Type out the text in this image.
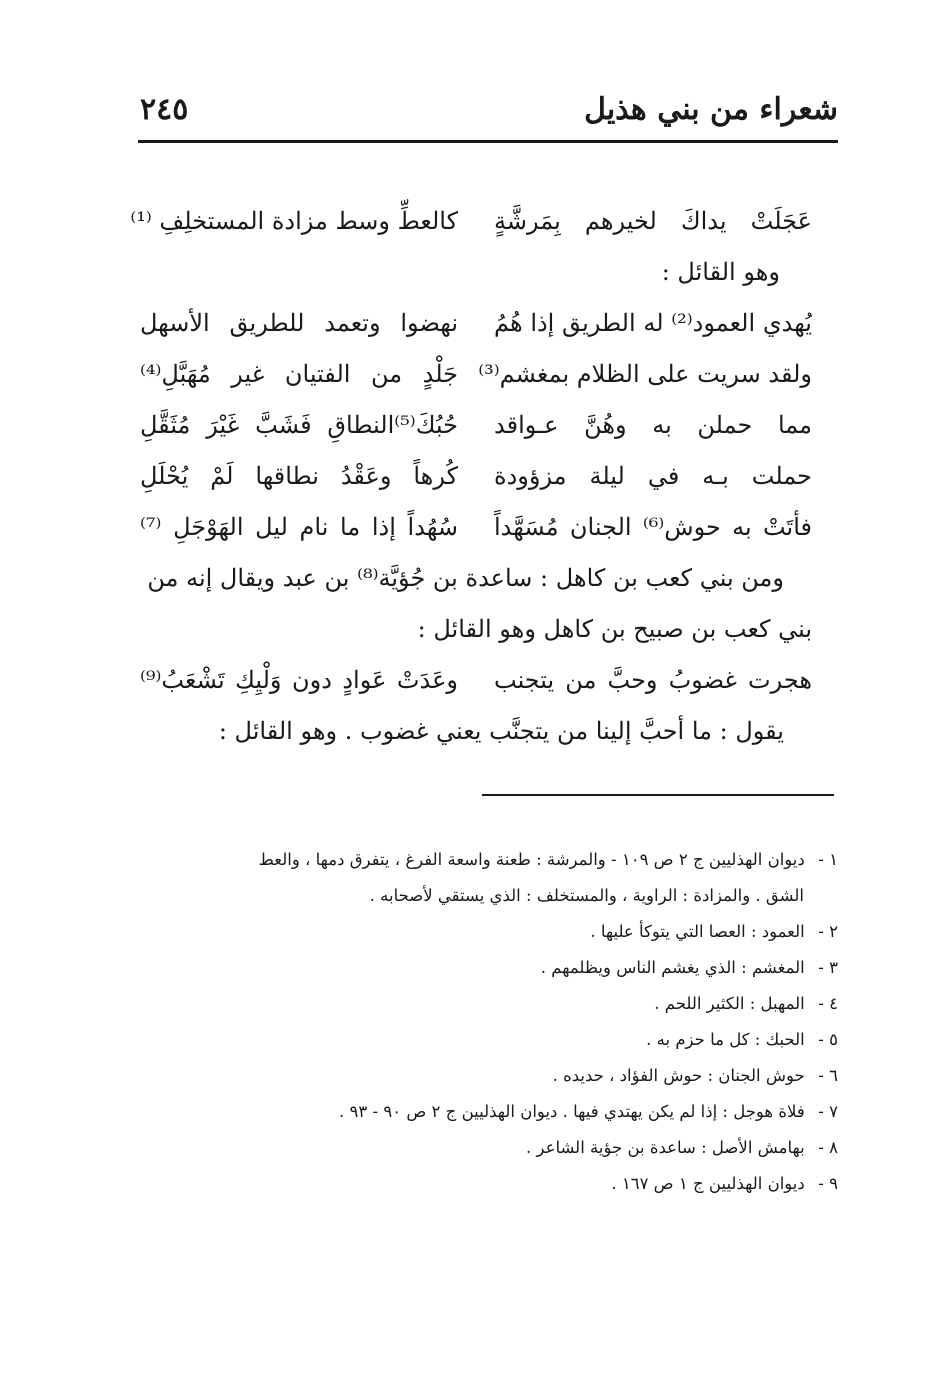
شعراء من بني هذيل
٢٤٥
عَجَلَتْ يداكَ لخيرهم بِمَرشَّةٍ
كالعطِّ وسط مزادة المستخلِفِ ⁽¹⁾
وهو القائل :
يُهدي العمود⁽²⁾ له الطريق إذا هُمُ
نهضوا وتعمد للطريق الأسهل
ولقد سريت على الظلام بمغشم⁽³⁾
جَلْدٍ من الفتيان غير مُهَبَّلِ⁽⁴⁾
مما حملن به وهُنَّ عـواقد
حُبُكَ⁽⁵⁾النطاقِ فَشَبَّ غَيْرَ مُثَقَّلِ
حملت بـه في ليلة مزؤودة
كُرهاً وعَقْدُ نطاقها لَمْ يُحْلَلِ
فأتَتْ به حوش⁽⁶⁾ الجنان مُسَهَّداً
سُهُداً إذا ما نام ليل الهَوْجَلِ ⁽⁷⁾
ومن بني كعب بن كاهل : ساعدة بن جُؤيَّة⁽⁸⁾ بن عبد ويقال إنه من
بني كعب بن صبيح بن كاهل وهو القائل :
هجرت غضوبُ وحبَّ من يتجنب
وعَدَتْ عَوادٍ دون وَلْيِكِ تَشْعَبُ⁽⁹⁾
يقول : ما أحبَّ إلينا من يتجنَّب يعني غضوب . وهو القائل :
١ - ديوان الهذليين ج ٢ ص ١٠٩ - والمرشة : طعنة واسعة الفرغ ، يتفرق دمها ، والعط
الشق . والمزادة : الراوية ، والمستخلف : الذي يستقي لأصحابه .
٢ - العمود : العصا التي يتوكأ عليها .
٣ - المغشم : الذي يغشم الناس ويظلمهم .
٤ - المهبل : الكثير اللحم .
٥ - الحبك : كل ما حزم به .
٦ - حوش الجنان : حوش الفؤاد ، حديده .
٧ - فلاة هوجل : إذا لم يكن يهتدي فيها . ديوان الهذليين ج ٢ ص ٩٠ - ٩٣ .
٨ - بهامش الأصل : ساعدة بن جؤية الشاعر .
٩ - ديوان الهذليين ج ١ ص ١٦٧ .
